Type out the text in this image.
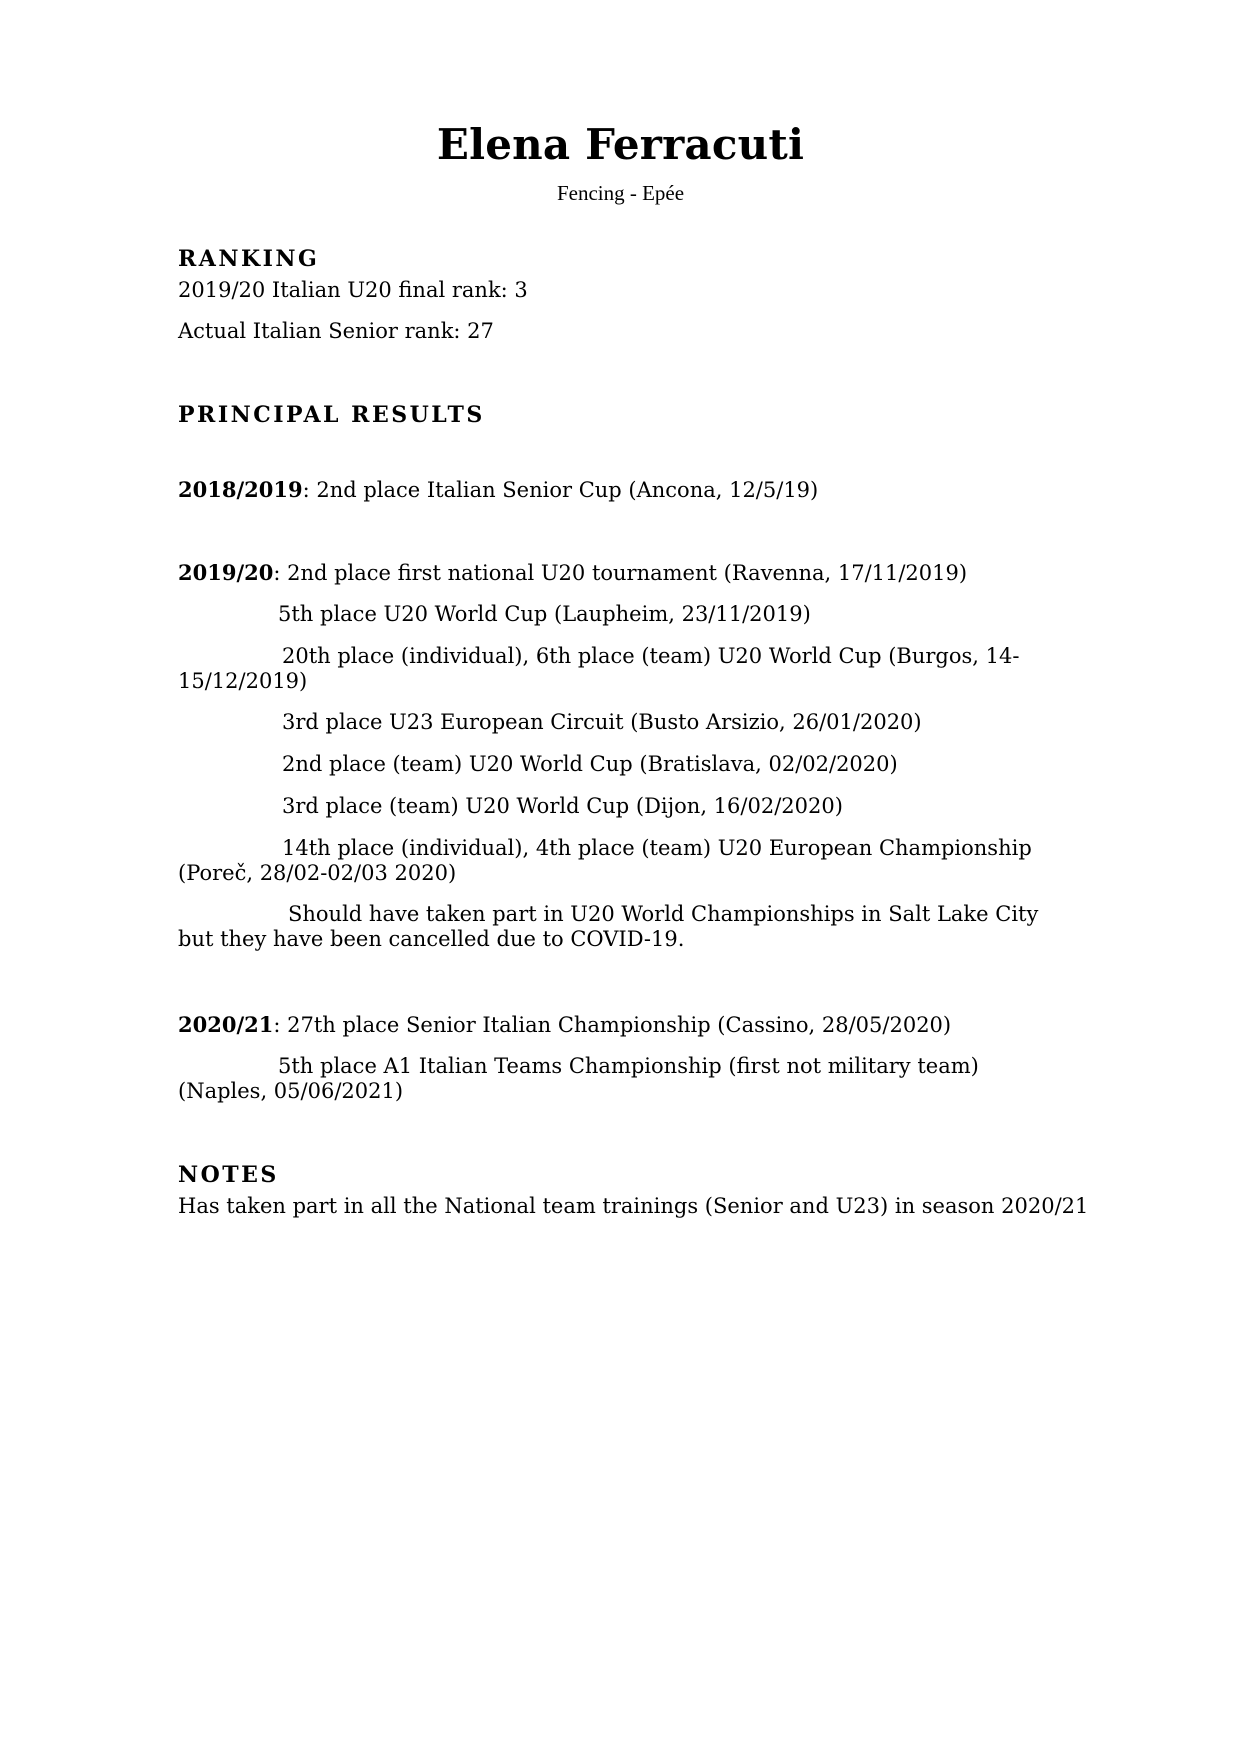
Elena Ferracuti
Fencing - Epée
RANKING
2019/20 Italian U20 final rank: 3
Actual Italian Senior rank: 27
PRINCIPAL RESULTS
2018/2019: 2nd place Italian Senior Cup (Ancona, 12/5/19)
2019/20: 2nd place first national U20 tournament (Ravenna, 17/11/2019)
5th place U20 World Cup (Laupheim, 23/11/2019)
20th place (individual), 6th place (team) U20 World Cup (Burgos, 14-15/12/2019)
3rd place U23 European Circuit (Busto Arsizio, 26/01/2020)
2nd place (team) U20 World Cup (Bratislava, 02/02/2020)
3rd place (team) U20 World Cup (Dijon, 16/02/2020)
14th place (individual), 4th place (team) U20 European Championship (Poreč, 28/02-02/03 2020)
Should have taken part in U20 World Championships in Salt Lake City but they have been cancelled due to COVID-19.
2020/21: 27th place Senior Italian Championship (Cassino, 28/05/2020)
5th place A1 Italian Teams Championship (first not military team) (Naples, 05/06/2021)
NOTES
Has taken part in all the National team trainings (Senior and U23) in season 2020/21
